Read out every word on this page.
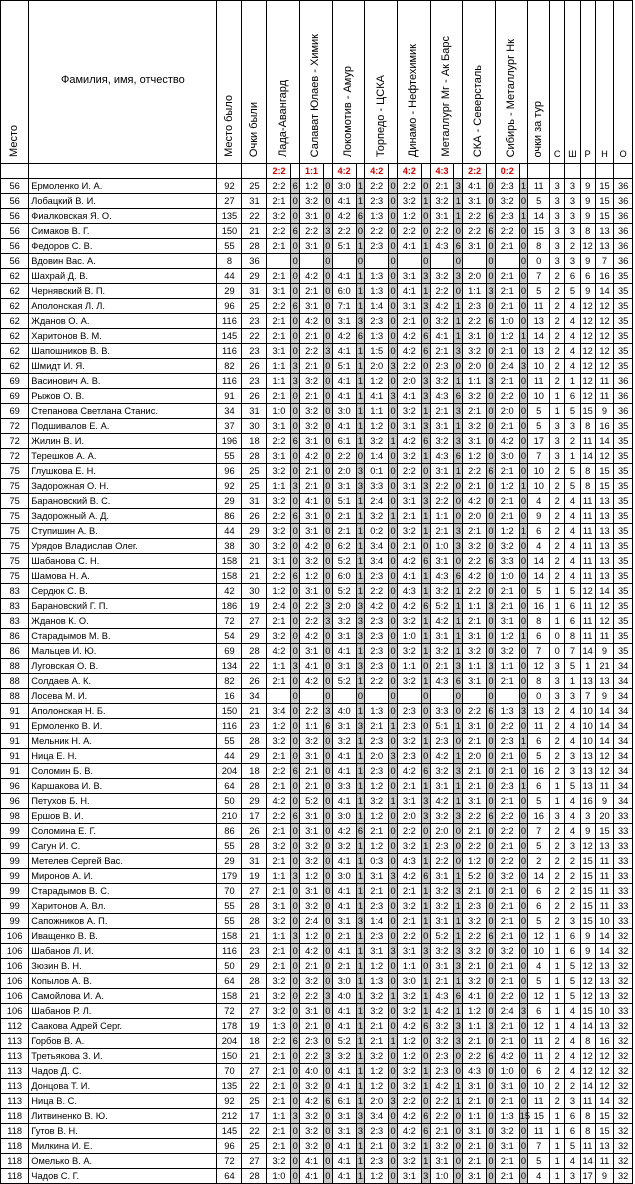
Место	Фамилия, имя, отчество	Место было	Очки были	Лада-Авангард		Салават Юлаев - Химик		Локомотив - Амур		Торпедо - ЦСКА		Динамо - Нефтехимик		Металлург Мг - Ак Барс		СКА - Северсталь		Сибирь - Металлург Нк		очки за тур	С	Ш	Р	Н	О
				2:2		1:1		4:2		4:2		4:2		4:3		2:2		0:2							
56	Ермоленко И. А.	92	25	2:2	6	1:2	0	3:0	1	2:2	0	2:2	0	2:1	3	4:1	0	2:3	1	11	3	3	9	15	36
56	Лобацкий В. И.	27	31	2:1	0	3:2	0	4:1	1	2:3	0	3:2	1	3:2	1	3:1	0	3:2	0	5	3	3	9	15	36
56	Фиалковская Я. О.	135	22	3:2	0	3:1	0	4:2	6	1:3	0	1:2	0	3:1	1	2:2	6	2:3	1	14	3	3	9	15	36
56	Симаков В. Г.	150	21	2:2	6	2:2	3	2:2	0	2:2	0	2:2	0	2:2	0	2:2	6	2:2	0	15	3	3	8	13	36
56	Федоров С. В.	55	28	2:1	0	3:1	0	5:1	1	2:3	0	4:1	1	4:3	6	3:1	0	2:1	0	8	3	2	12	13	36
56	Вдовин Вас. А.	8	36		0		0		0		0		0		0		0		0	0	3	3	9	7	36
62	Шахрай Д. В.	44	29	2:1	0	4:2	0	4:1	1	1:3	0	3:1	3	3:2	3	2:0	0	2:1	0	7	2	6	6	16	35
62	Чернявский В. П.	29	31	3:1	0	2:1	0	6:0	1	1:3	0	4:1	1	2:2	0	1:1	3	2:1	0	5	2	5	9	14	35
62	Аполонская Л. Л.	96	25	2:2	6	3:1	0	7:1	1	1:4	0	3:1	3	4:2	1	2:3	0	2:1	0	11	2	4	12	12	35
62	Жданов О. А.	116	23	2:1	0	4:2	0	3:1	3	2:3	0	2:1	0	3:2	1	2:2	6	1:0	0	13	2	4	12	12	35
62	Харитонов В. М.	145	22	2:1	0	2:1	0	4:2	6	1:3	0	4:2	6	4:1	1	3:1	0	1:2	1	14	2	4	12	12	35
62	Шапошников В. В.	116	23	3:1	0	2:2	3	4:1	1	1:5	0	4:2	6	2:1	3	3:2	0	2:1	0	13	2	4	12	12	35
62	Шмидт И. Я.	82	26	1:1	3	2:1	0	5:1	1	2:0	3	2:2	0	2:3	0	2:0	0	2:4	3	10	2	4	12	12	35
69	Васинович А. В.	116	23	1:1	3	3:2	0	4:1	1	1:2	0	2:0	3	3:2	1	1:1	3	2:1	0	11	2	1	12	11	36
69	Рыжов О. В.	91	26	2:1	0	2:1	0	4:1	1	4:1	3	4:1	3	4:3	6	3:2	0	2:2	0	10	1	6	12	11	36
69	Степанова Светлана Станис.	34	31	1:0	0	3:2	0	3:0	1	1:1	0	3:2	1	2:1	3	2:1	0	2:0	0	5	1	5	15	9	36
72	Подшивалов Е. А.	37	30	3:1	0	3:2	0	4:1	1	1:2	0	3:1	3	3:1	1	3:2	0	2:1	0	5	3	3	8	16	35
72	Жилин В. И.	196	18	2:2	6	3:1	0	6:1	1	3:2	1	4:2	6	3:2	3	3:1	0	4:2	0	17	3	2	11	14	35
72	Терешков А. А.	55	28	3:1	0	4:2	0	2:2	0	1:4	0	3:2	1	4:3	6	1:2	0	3:0	0	7	3	1	14	12	35
75	Глушкова Е. Н.	96	25	3:2	0	2:1	0	2:0	3	0:1	0	2:2	0	3:1	1	2:2	6	2:1	0	10	2	5	8	15	35
75	Задорожная О. Н.	92	25	1:1	3	2:1	0	3:1	3	3:3	0	3:1	3	2:2	0	2:1	0	1:2	1	10	2	5	8	15	35
75	Барановский В. С.	29	31	3:2	0	4:1	0	5:1	1	2:4	0	3:1	3	2:2	0	4:2	0	2:1	0	4	2	4	11	13	35
75	Задорожный А. Д.	86	26	2:2	6	3:1	0	2:1	1	3:2	1	2:1	1	1:1	0	2:0	0	2:1	0	9	2	4	11	13	35
75	Ступишин А. В.	44	29	3:2	0	3:1	0	2:1	1	0:2	0	3:2	1	2:1	3	2:1	0	1:2	1	6	2	4	11	13	35
75	Урядов Владислав Олег.	38	30	3:2	0	4:2	0	6:2	1	3:4	0	2:1	0	1:0	3	3:2	0	3:2	0	4	2	4	11	13	35
75	Шабанова С. Н.	158	21	3:1	0	3:2	0	5:2	1	3:4	0	4:2	6	3:1	0	2:2	6	3:3	0	14	2	4	11	13	35
75	Шамова Н. А.	158	21	2:2	6	1:2	0	6:0	1	2:3	0	4:1	1	4:3	6	4:2	0	1:0	0	14	2	4	11	13	35
83	Сердюк С. В.	42	30	1:2	0	3:1	0	5:2	1	2:2	0	4:3	1	3:2	1	2:2	0	2:1	0	5	1	5	12	14	35
83	Барановский Г. П.	186	19	2:4	0	2:2	3	2:0	3	4:2	0	4:2	6	5:2	1	1:1	3	2:1	0	16	1	6	11	12	35
83	Жданов К. О.	72	27	2:1	0	2:2	3	3:2	3	2:3	0	3:2	1	4:2	1	2:1	0	3:1	0	8	1	6	11	12	35
86	Старадымов М. В.	54	29	3:2	0	4:2	0	3:1	3	2:3	0	1:0	1	3:1	1	3:1	0	1:2	1	6	0	8	11	11	35
86	Мальцев И. Ю.	69	28	4:2	0	3:1	0	4:1	1	2:3	0	3:2	1	3:2	1	3:2	0	3:2	0	7	0	7	14	9	35
88	Луговская О. В.	134	22	1:1	3	4:1	0	3:1	3	2:3	0	1:1	0	2:1	3	1:1	3	1:1	0	12	3	5	1	21	34
88	Солдаев А. К.	82	26	2:1	0	4:2	0	5:2	1	2:2	0	3:2	1	4:3	6	3:1	0	2:1	0	8	3	1	13	13	34
88	Лосева М. И.	16	34		0		0		0		0		0		0		0		0	0	3	3	7	9	34
91	Аполонская Н. Б.	150	21	3:4	0	2:2	3	4:0	1	1:3	0	2:3	0	3:3	0	2:2	6	1:3	3	13	2	4	10	14	34
91	Ермоленко В. И.	116	23	1:2	0	1:1	6	3:1	3	2:1	1	2:3	0	5:1	1	3:1	0	2:2	0	11	2	4	10	14	34
91	Мельник Н. А.	55	28	3:2	0	3:2	0	3:2	1	2:3	0	3:2	1	2:3	0	2:1	0	2:3	1	6	2	4	10	14	34
91	Ница Е. Н.	44	29	2:1	0	3:1	0	4:1	1	2:0	3	2:3	0	4:2	1	2:0	0	2:1	0	5	2	3	13	12	34
91	Соломин Б. В.	204	18	2:2	6	2:1	0	4:1	1	2:3	0	4:2	6	3:2	3	2:1	0	2:1	0	16	2	3	13	12	34
96	Каршакова И. В.	64	28	2:1	0	2:1	0	3:3	1	1:2	0	2:1	1	3:1	1	2:1	0	2:3	1	6	1	5	13	11	34
96	Петухов Б. Н.	50	29	4:2	0	5:2	0	4:1	1	3:2	1	3:1	3	4:2	1	3:1	0	2:1	0	5	1	4	16	9	34
98	Ершов В. И.	210	17	2:2	6	3:1	0	3:0	1	1:2	0	2:0	3	3:2	3	2:2	6	2:2	0	16	3	4	3	20	33
99	Соломина Е. Г.	86	26	2:1	0	3:1	0	4:2	6	2:1	0	2:2	0	2:0	0	2:1	0	2:2	0	7	2	4	9	15	33
99	Сагун И. С.	55	28	3:2	0	3:2	0	3:2	1	1:2	0	3:2	1	2:3	0	2:2	0	2:1	0	5	2	3	12	13	33
99	Метелев Сергей Вас.	29	31	2:1	0	3:2	0	4:1	1	0:3	0	4:3	1	2:2	0	1:2	0	2:2	0	2	2	2	15	11	33
99	Миронов А. И.	179	19	1:1	3	1:2	0	3:0	1	3:1	3	4:2	6	3:1	1	5:2	0	3:2	0	14	2	2	15	11	33
99	Старадымов В. С.	70	27	2:1	0	3:1	0	4:1	1	2:1	0	2:1	1	3:2	3	2:1	0	2:1	0	6	2	2	15	11	33
99	Харитонов А. Вл.	55	28	3:1	0	3:2	0	4:1	1	2:3	0	3:2	1	3:2	1	2:3	0	2:1	0	6	2	2	15	11	33
99	Сапожников А. П.	55	28	3:2	0	2:4	0	3:1	3	1:4	0	2:1	1	3:1	1	3:2	0	2:1	0	5	2	3	15	10	33
106	Иващенко В. В.	158	21	1:1	3	1:2	0	2:1	1	2:3	0	2:2	0	5:2	1	2:2	6	2:1	0	12	1	6	9	14	32
106	Шабанов Л. И.	116	23	2:1	0	4:2	0	4:1	1	3:1	3	3:1	3	3:2	3	3:2	0	3:2	0	10	1	6	9	14	32
106	Зюзин В. Н.	50	29	2:1	0	2:1	0	2:1	1	1:2	0	1:1	0	3:1	3	2:1	0	2:1	0	4	1	5	12	13	32
106	Копылов А. В.	64	28	3:2	0	3:2	0	3:0	1	1:3	0	3:0	1	2:1	1	3:2	0	2:1	0	5	1	5	12	13	32
106	Самойлова И. А.	158	21	3:2	0	2:2	3	4:0	1	3:2	1	3:2	1	4:3	6	4:1	0	2:2	0	12	1	5	12	13	32
106	Шабанов Р. Л.	72	27	3:2	0	3:1	0	4:1	1	3:2	0	3:2	1	4:2	1	1:2	0	2:4	3	6	1	4	15	10	33
112	Саакова Адрей Серг.	178	19	1:3	0	2:1	0	4:1	1	2:1	0	4:2	6	3:2	3	1:1	3	2:1	0	12	1	4	14	13	32
113	Горбов В. А.	204	18	2:2	6	2:3	0	5:2	1	2:1	1	1:2	0	3:2	3	2:1	0	2:1	0	11	2	4	8	16	32
113	Третьякова З. И.	150	21	2:1	0	2:2	3	3:2	1	3:2	0	1:2	0	2:3	0	2:2	6	4:2	0	11	2	4	12	12	32
113	Чадов Д. С.	70	27	2:1	0	4:0	0	4:1	1	1:2	0	3:2	1	2:3	0	4:3	0	1:0	0	6	2	4	12	12	32
113	Донцова Т. И.	135	22	2:1	0	3:2	0	4:1	1	1:2	0	3:2	1	4:2	1	3:1	0	3:1	0	10	2	2	14	12	32
113	Ница В. С.	92	25	2:1	0	4:2	6	6:1	1	2:0	3	2:2	0	2:2	1	2:1	0	2:1	0	11	2	3	11	14	32
118	Литвиненко В. Ю.	212	17	1:1	3	3:2	0	3:1	3	3:4	0	4:2	6	2:2	0	1:1	0	1:3	15	15	1	6	8	15	32
118	Гутов В. Н.	145	22	2:1	0	3:2	0	3:1	3	2:3	0	4:2	6	2:1	0	3:1	0	3:2	0	11	1	6	8	15	32
118	Милкина И. Е.	96	25	2:1	0	3:2	0	4:1	1	2:1	0	3:2	1	3:2	0	2:1	0	3:1	0	7	1	5	11	13	32
118	Омелько В. А.	72	27	3:2	0	4:1	0	4:1	1	2:3	0	3:2	1	3:1	0	2:1	0	2:1	0	5	1	4	14	11	32
118	Чадов С. Г.	64	28	1:0	0	4:1	0	4:1	1	1:2	0	3:1	3	1:0	0	3:1	0	2:1	0	4	1	3	17	9	32
